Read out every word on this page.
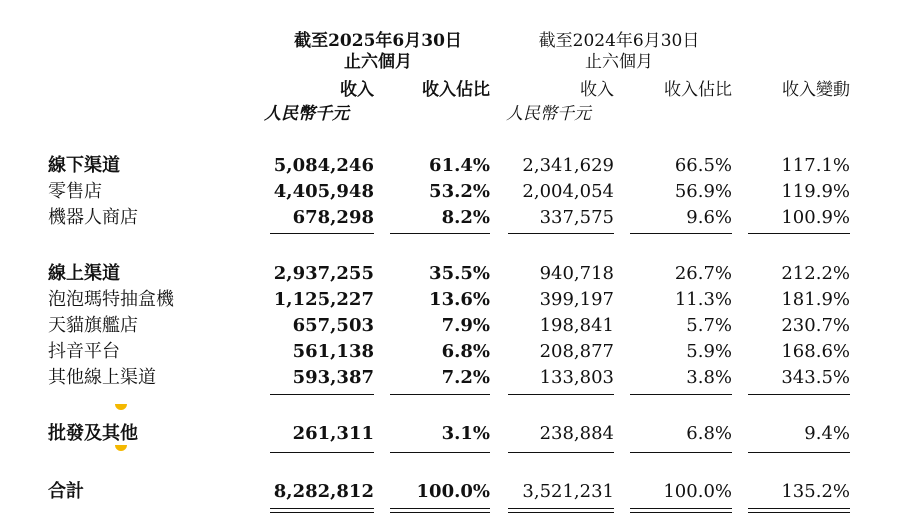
截至2025年6月30日
止六個月
截至2024年6月30日
止六個月
收入	收入佔比	收入	收入佔比	收入變動
人民幣千元	人民幣千元
線下渠道	5,084,246	61.4%	2,341,629	66.5%	117.1%
零售店	4,405,948	53.2%	2,004,054	56.9%	119.9%
機器人商店	678,298	8.2%	337,575	9.6%	100.9%
線上渠道	2,937,255	35.5%	940,718	26.7%	212.2%
泡泡瑪特抽盒機	1,125,227	13.6%	399,197	11.3%	181.9%
天貓旗艦店	657,503	7.9%	198,841	5.7%	230.7%
抖音平台	561,138	6.8%	208,877	5.9%	168.6%
其他線上渠道	593,387	7.2%	133,803	3.8%	343.5%
批發及其他	261,311	3.1%	238,884	6.8%	9.4%
合計	8,282,812	100.0%	3,521,231	100.0%	135.2%
